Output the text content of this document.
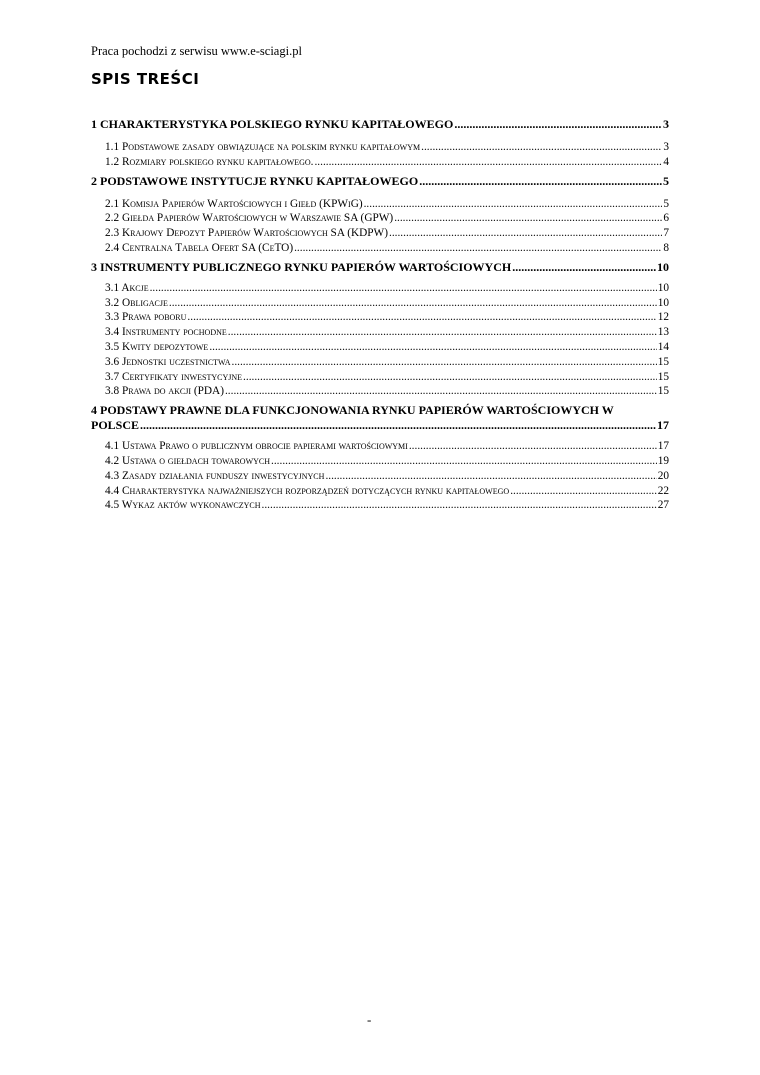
Praca pochodzi z serwisu www.e-sciagi.pl
SPIS TREŚCI
1 CHARAKTERYSTYKA POLSKIEGO RYNKU KAPITAŁOWEGO .....	3
1.1 Podstawowe zasady obwiązujące na polskim rynku kapitałowym .....	3
1.2 Rozmiary polskiego rynku kapitałowego. .....	4
2 PODSTAWOWE INSTYTUCJE RYNKU KAPITAŁOWEGO .....	5
2.1 Komisja Papierów Wartościowych i Giełd (KPWiG) .....	5
2.2 Giełda Papierów Wartościowych w Warszawie SA (GPW) .....	6
2.3 Krajowy Depozyt Papierów Wartościowych SA (KDPW) .....	7
2.4 Centralna Tabela Ofert SA (CeTO) .....	8
3 INSTRUMENTY PUBLICZNEGO RYNKU PAPIERÓW WARTOŚCIOWYCH .....	10
3.1 Akcje .....	10
3.2 Obligacje .....	10
3.3 Prawa poboru .....	12
3.4 Instrumenty pochodne .....	13
3.5 Kwity depozytowe .....	14
3.6 Jednostki uczestnictwa .....	15
3.7 Certyfikaty inwestycyjne .....	15
3.8 Prawa do akcji (PDA) .....	15
4 PODSTAWY PRAWNE DLA FUNKCJONOWANIA RYNKU PAPIERÓW WARTOŚCIOWYCH W
POLSCE .....	17
4.1 Ustawa Prawo o publicznym obrocie papierami wartościowymi .....	17
4.2 Ustawa o giełdach towarowych .....	19
4.3 Zasady działania funduszy inwestycyjnych .....	20
4.4 Charakterystyka najważniejszych rozporządzeń dotyczących rynku kapitałowego .....	22
4.5 Wykaz aktów wykonawczych .....	27
-
